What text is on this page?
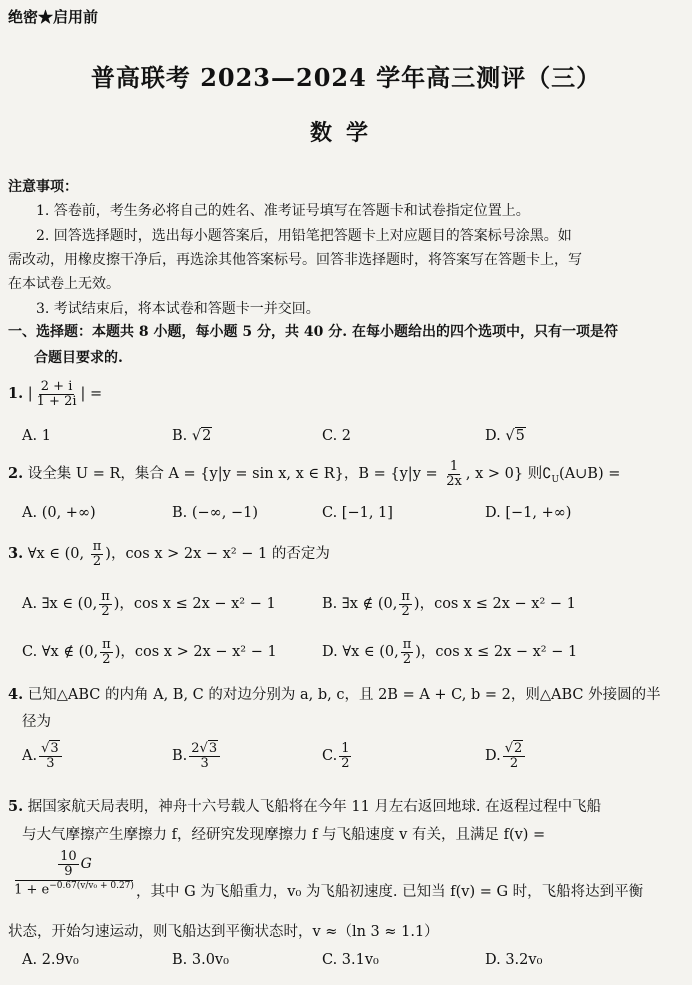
绝密★启用前
普高联考 2023—2024 学年高三测评（三）
数学
注意事项：
1. 答卷前，考生务必将自己的姓名、准考证号填写在答题卡和试卷指定位置上。
2. 回答选择题时，选出每小题答案后，用铅笔把答题卡上对应题目的答案标号涂黑。如
需改动，用橡皮擦干净后，再选涂其他答案标号。回答非选择题时，将答案写在答题卡上，写
在本试卷上无效。
3. 考试结束后，将本试卷和答题卡一并交回。
一、选择题：本题共 8 小题，每小题 5 分，共 40 分. 在每小题给出的四个选项中，只有一项是符
合题目要求的.
1. | $\frac{2 + i}{1 + 2i}$ | =
A. 1	B. √2	C. 2	D. √5
2. 设全集 U = R，集合 A = {y|y = sin x, x ∈ R}，$B = \{y|y = \frac{1}{2x}$ , x > 0} 则$∁_U(A\cup B)$ =
A. (0, +∞)	B. (−∞, −1)	C. [−1, 1]	D. [−1, +∞)
3. ∀x ∈ (0, $\frac{\pi}{2}$ )，cos x > 2x − x² − 1 的否定为
A. ∃x ∈ (0, $\frac{\pi}{2}$ )，cos x ≤ 2x − x² − 1	B. ∃x ∉ (0, $\frac{\pi}{2}$ )，cos x ≤ 2x − x² − 1
C. ∀x ∉ (0, $\frac{\pi}{2}$ )，cos x > 2x − x² − 1	D. ∀x ∈ (0, $\frac{\pi}{2}$ )，cos x ≤ 2x − x² − 1
4. 已知△ABC 的内角 A, B, C 的对边分别为 a, b, c，且 2B = A + C, b = 2，则△ABC 外接圆的半
径为
A. $\frac{√3}{3}$	B. $\frac{2√3}{3}$	C. $\frac{1}{2}$	D. $\frac{√2}{2}$
5. 据国家航天局表明，神舟十六号载人飞船将在今年 11 月左右返回地球. 在返程过程中飞船
与大气摩擦产生摩擦力 f，经研究发现摩擦力 f 与飞船速度 v 有关，且满足 f(v) =
$\frac{10}{9}$ G
$1 + e^{-0.67(v/v_0 + 0.27)}$ ，其中 G 为飞船重力，v₀ 为飞船初速度. 已知当 f(v) = G 时，飞船将达到平衡
状态，开始匀速运动，则飞船达到平衡状态时，v ≈（ln 3 ≈ 1.1）
A. 2.9v₀	B. 3.0v₀	C. 3.1v₀	D. 3.2v₀
